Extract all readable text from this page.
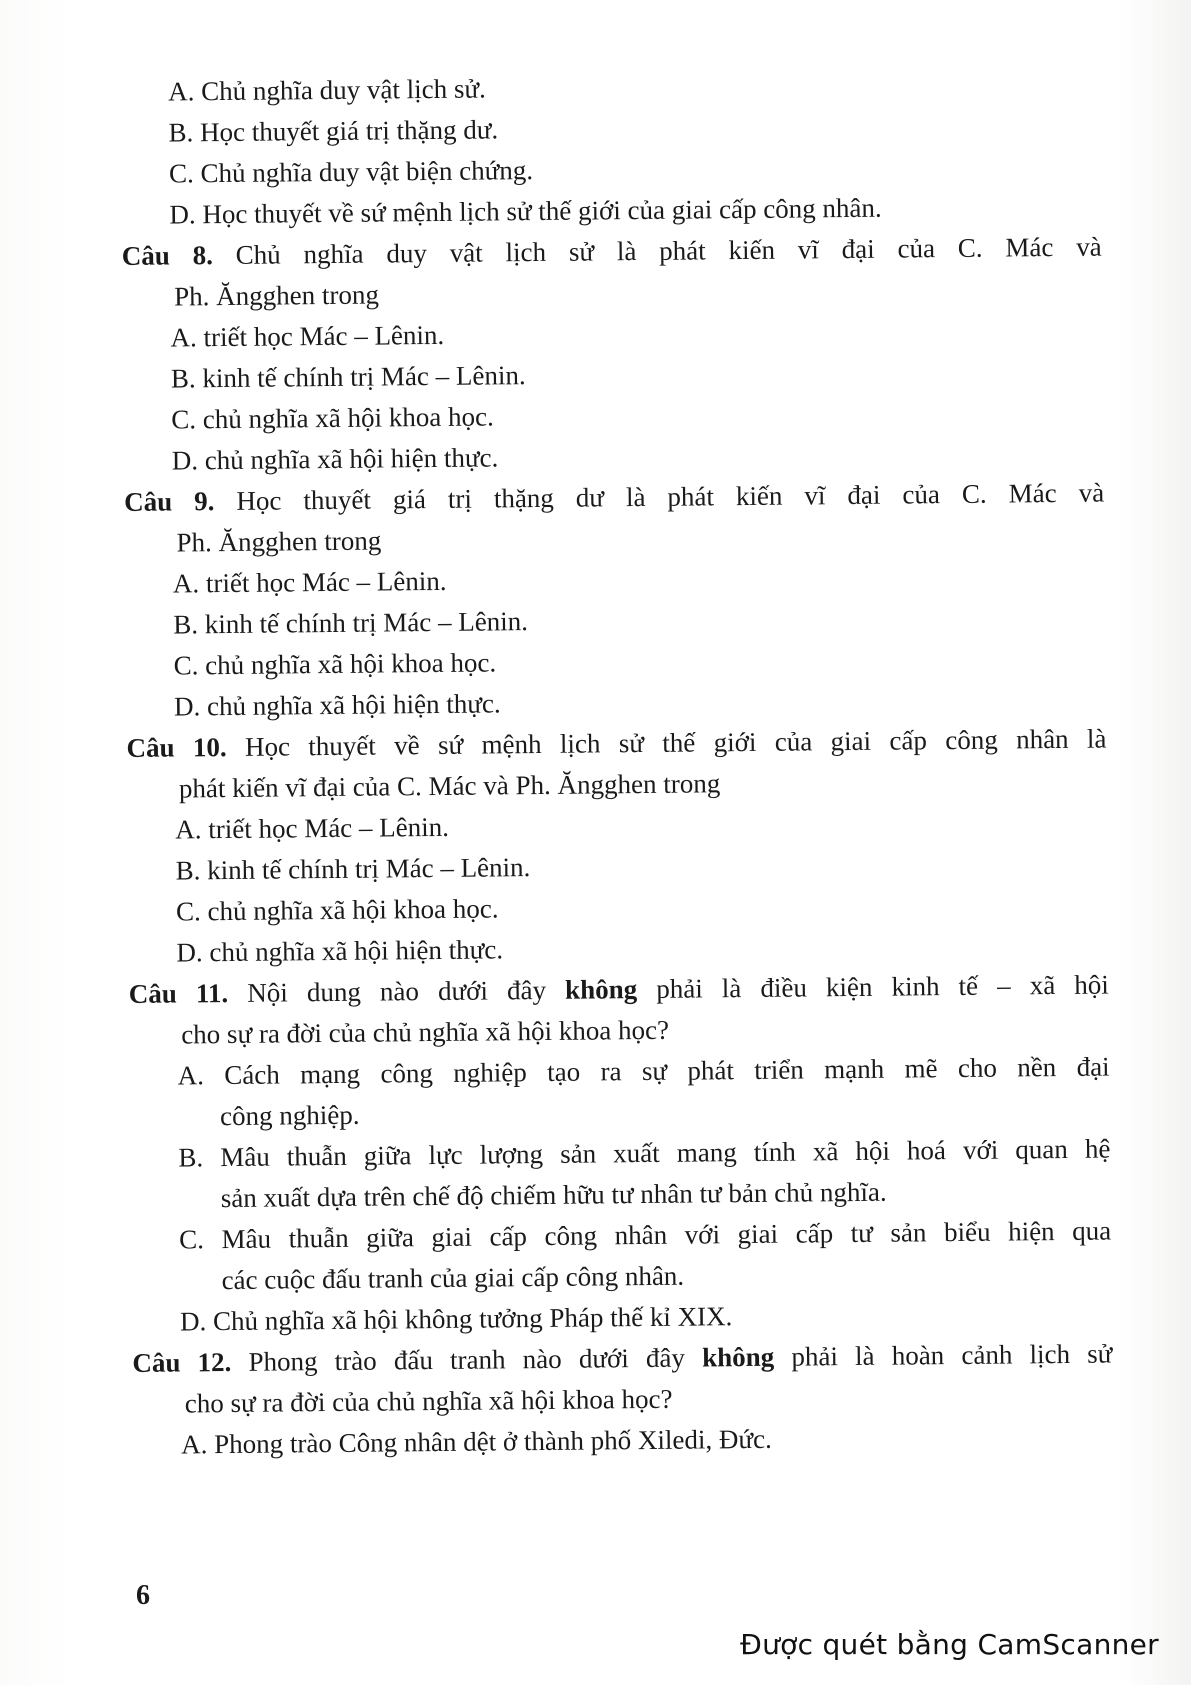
A. Chủ nghĩa duy vật lịch sử.
B. Học thuyết giá trị thặng dư.
C. Chủ nghĩa duy vật biện chứng.
D. Học thuyết về sứ mệnh lịch sử thế giới của giai cấp công nhân.
Câu 8. Chủ nghĩa duy vật lịch sử là phát kiến vĩ đại của C. Mác và
Ph. Ăngghen trong
A. triết học Mác – Lênin.
B. kinh tế chính trị Mác – Lênin.
C. chủ nghĩa xã hội khoa học.
D. chủ nghĩa xã hội hiện thực.
Câu 9. Học thuyết giá trị thặng dư là phát kiến vĩ đại của C. Mác và
Ph. Ăngghen trong
A. triết học Mác – Lênin.
B. kinh tế chính trị Mác – Lênin.
C. chủ nghĩa xã hội khoa học.
D. chủ nghĩa xã hội hiện thực.
Câu 10. Học thuyết về sứ mệnh lịch sử thế giới của giai cấp công nhân là
phát kiến vĩ đại của C. Mác và Ph. Ăngghen trong
A. triết học Mác – Lênin.
B. kinh tế chính trị Mác – Lênin.
C. chủ nghĩa xã hội khoa học.
D. chủ nghĩa xã hội hiện thực.
Câu 11. Nội dung nào dưới đây không phải là điều kiện kinh tế – xã hội
cho sự ra đời của chủ nghĩa xã hội khoa học?
A. Cách mạng công nghiệp tạo ra sự phát triển mạnh mẽ cho nền đại
công nghiệp.
B. Mâu thuẫn giữa lực lượng sản xuất mang tính xã hội hoá với quan hệ
sản xuất dựa trên chế độ chiếm hữu tư nhân tư bản chủ nghĩa.
C. Mâu thuẫn giữa giai cấp công nhân với giai cấp tư sản biểu hiện qua
các cuộc đấu tranh của giai cấp công nhân.
D. Chủ nghĩa xã hội không tưởng Pháp thế kỉ XIX.
Câu 12. Phong trào đấu tranh nào dưới đây không phải là hoàn cảnh lịch sử
cho sự ra đời của chủ nghĩa xã hội khoa học?
A. Phong trào Công nhân dệt ở thành phố Xiledi, Đức.
6
Được quét bằng CamScanner
